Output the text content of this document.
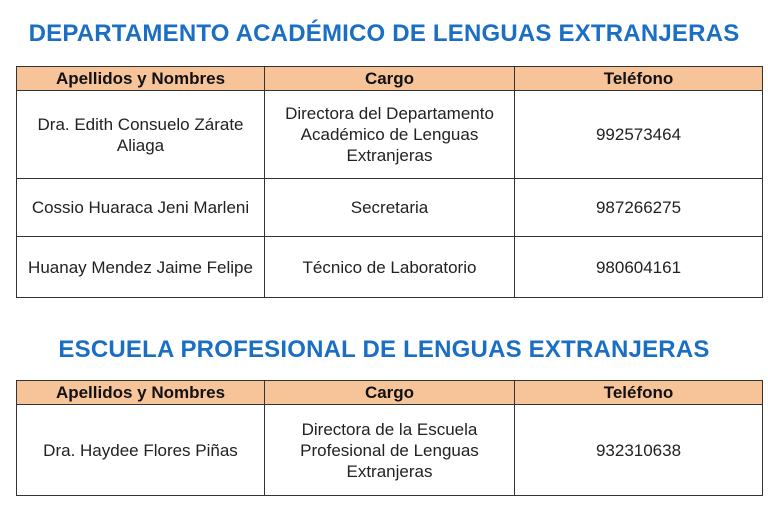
DEPARTAMENTO ACADÉMICO DE LENGUAS EXTRANJERAS
Apellidos y Nombres	Cargo	Teléfono
Dra. Edith Consuelo Zárate Aliaga	Directora del Departamento Académico de Lenguas Extranjeras	992573464
Cossio Huaraca Jeni Marleni	Secretaria	987266275
Huanay Mendez Jaime Felipe	Técnico de Laboratorio	980604161
ESCUELA PROFESIONAL DE LENGUAS EXTRANJERAS
Apellidos y Nombres	Cargo	Teléfono
Dra. Haydee Flores Piñas	Directora de la Escuela Profesional de Lenguas Extranjeras	932310638
